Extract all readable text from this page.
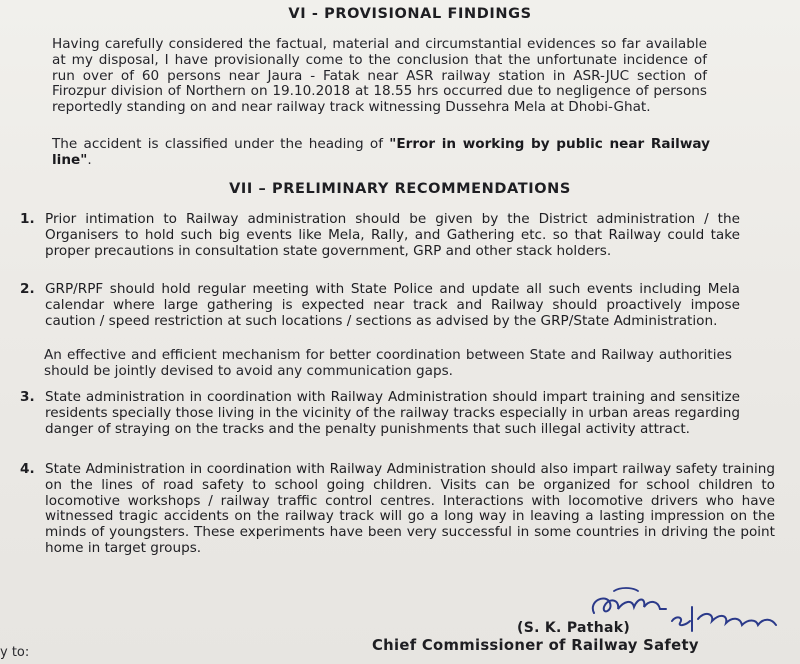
VI - PROVISIONAL FINDINGS
Having carefully considered the factual, material and circumstantial evidences so far available at my disposal, I have provisionally come to the conclusion that the unfortunate incidence of run over of 60 persons near Jaura - Fatak near ASR railway station in ASR-JUC section of Firozpur division of Northern on 19.10.2018 at 18.55 hrs occurred due to negligence of persons reportedly standing on and near railway track witnessing Dussehra Mela at Dhobi-Ghat.
The accident is classified under the heading of "Error in working by public near Railway line".
VII – PRELIMINARY RECOMMENDATIONS
1. Prior intimation to Railway administration should be given by the District administration / the Organisers to hold such big events like Mela, Rally, and Gathering etc. so that Railway could take proper precautions in consultation state government, GRP and other stack holders.
2. GRP/RPF should hold regular meeting with State Police and update all such events including Mela calendar where large gathering is expected near track and Railway should proactively impose caution / speed restriction at such locations / sections as advised by the GRP/State Administration.
An effective and efficient mechanism for better coordination between State and Railway authorities should be jointly devised to avoid any communication gaps.
3. State administration in coordination with Railway Administration should impart training and sensitize residents specially those living in the vicinity of the railway tracks especially in urban areas regarding danger of straying on the tracks and the penalty punishments that such illegal activity attract.
4. State Administration in coordination with Railway Administration should also impart railway safety training on the lines of road safety to school going children. Visits can be organized for school children to locomotive workshops / railway traffic control centres. Interactions with locomotive drivers who have witnessed tragic accidents on the railway track will go a long way in leaving a lasting impression on the minds of youngsters. These experiments have been very successful in some countries in driving the point home in target groups.
(S. K. Pathak)
Chief Commissioner of Railway Safety
y to:
